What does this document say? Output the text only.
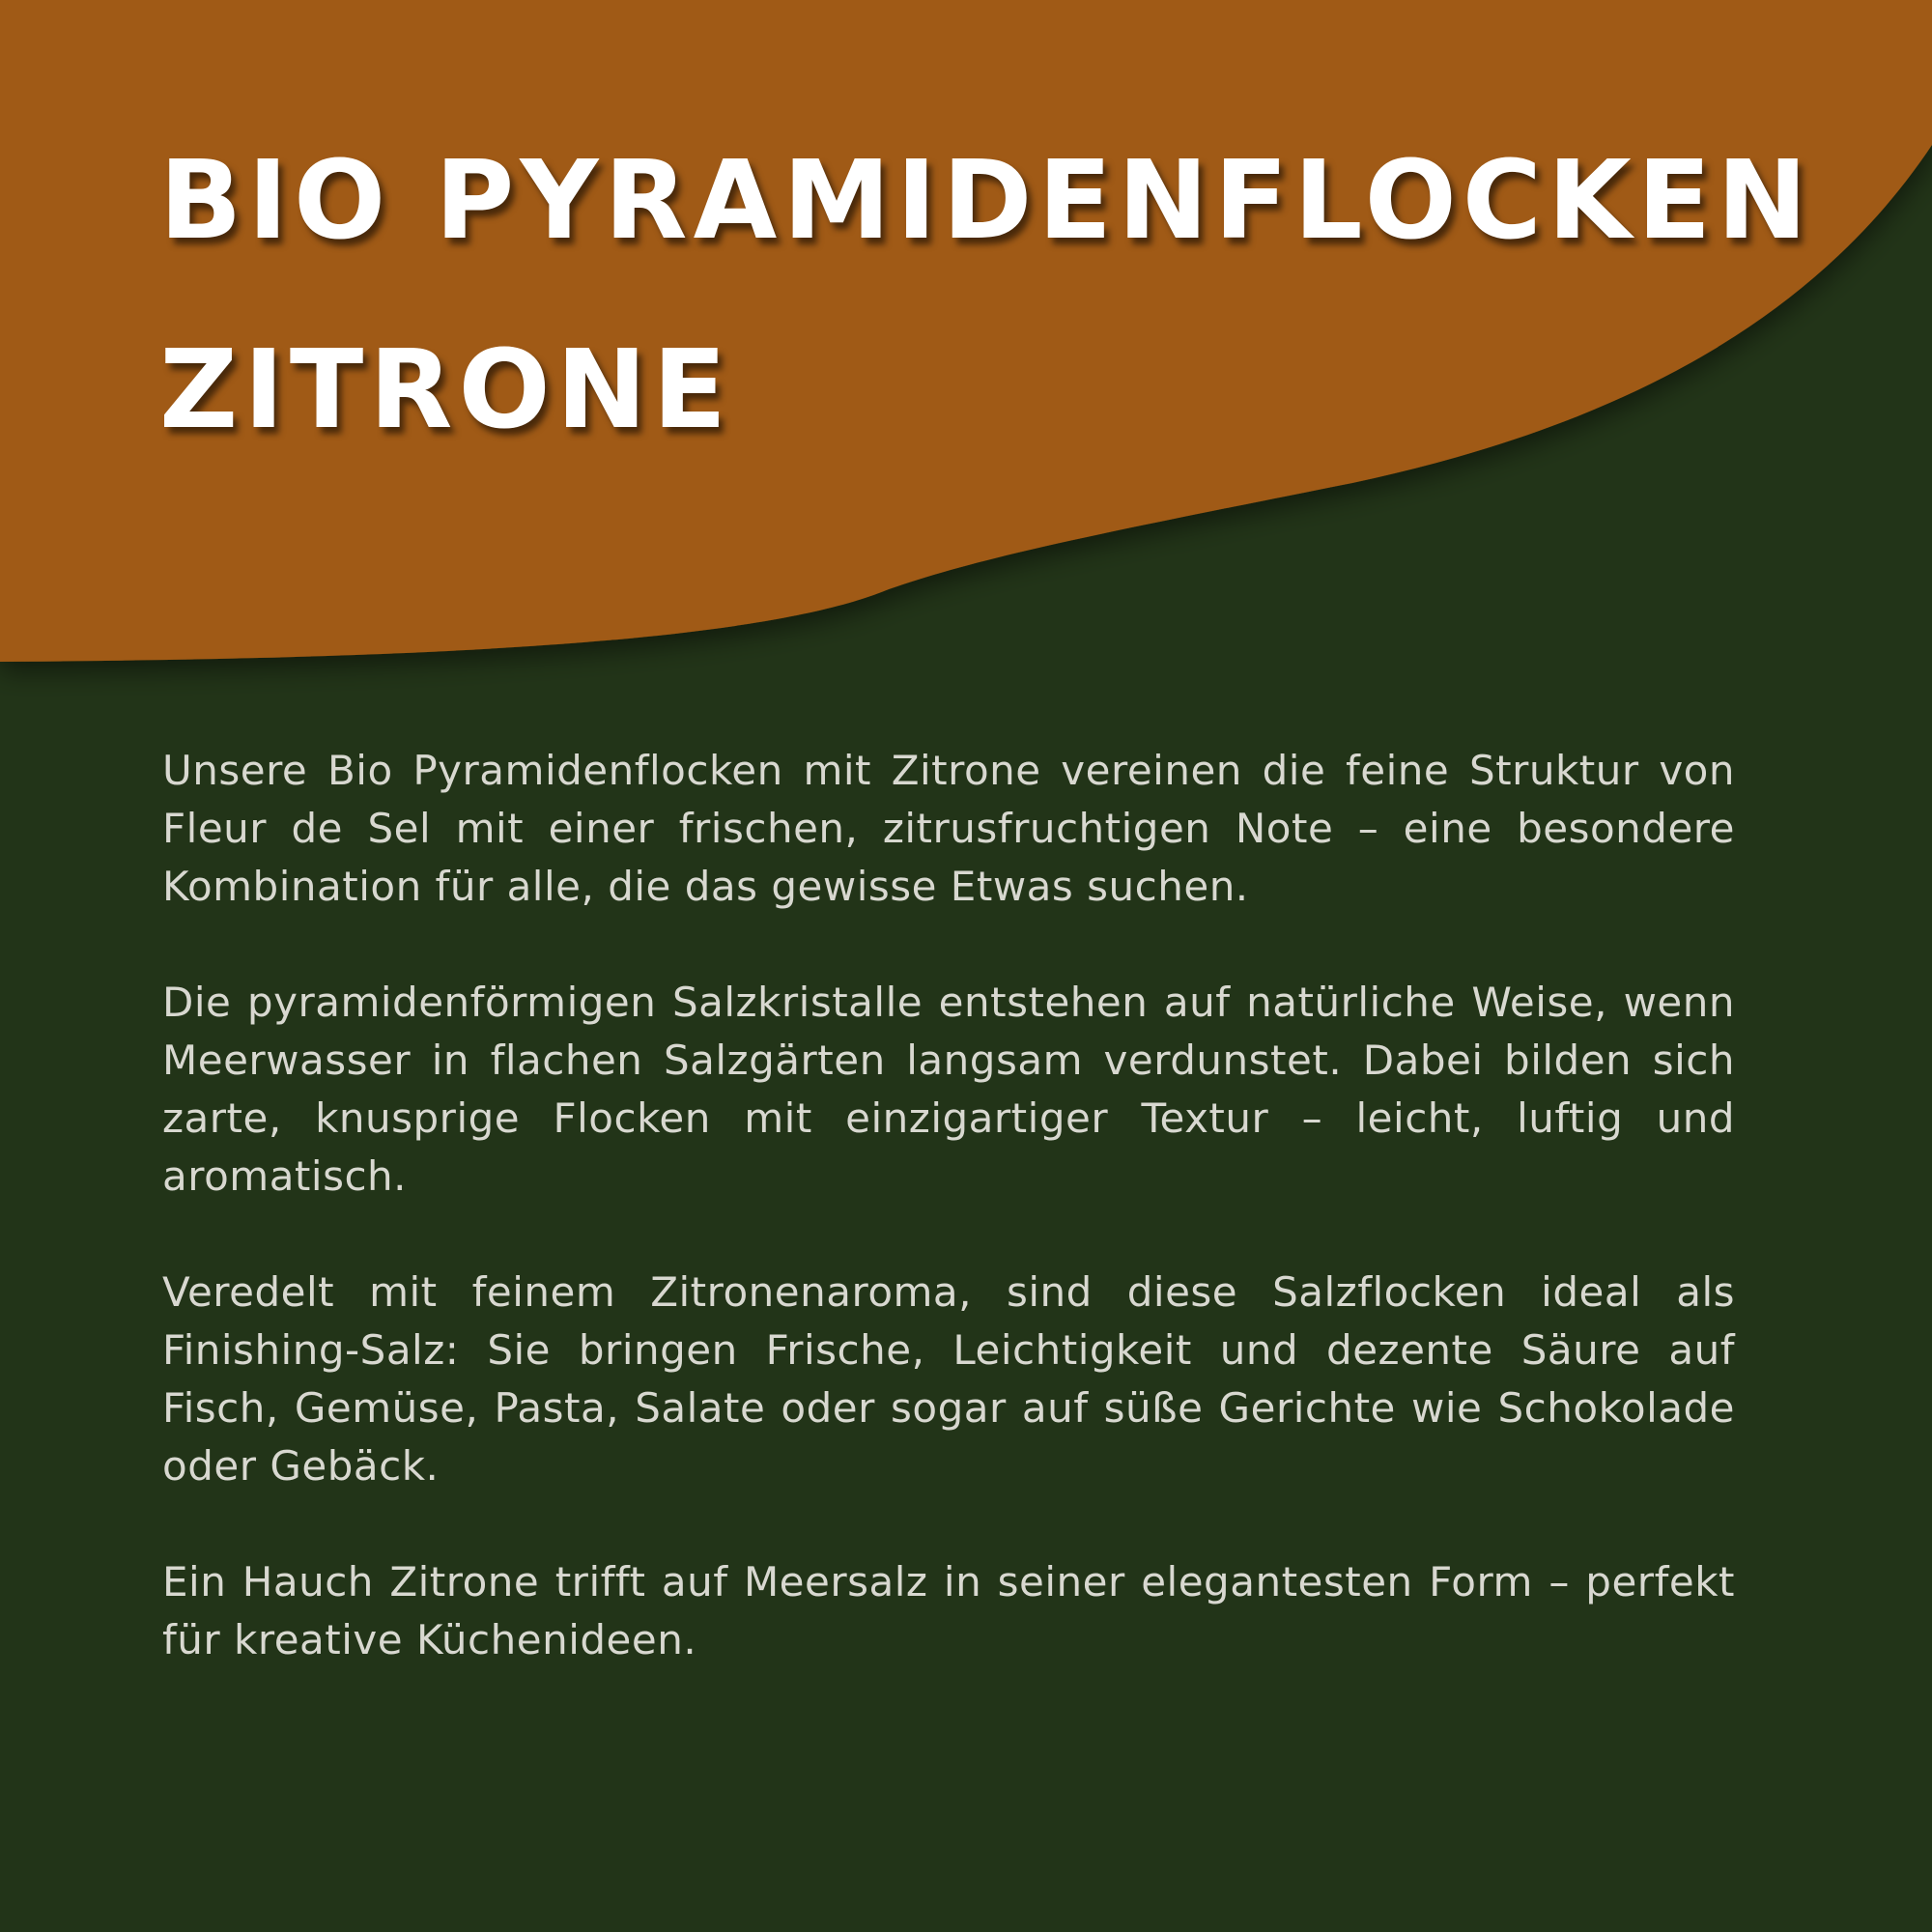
BIO PYRAMIDENFLOCKEN
ZITRONE

Unsere Bio Pyramidenflocken mit Zitrone vereinen die feine Struktur von Fleur de Sel mit einer frischen, zitrusfruchtigen Note – eine besondere Kombination für alle, die das gewisse Etwas suchen.

Die pyramidenförmigen Salzkristalle entstehen auf natürliche Weise, wenn Meerwasser in flachen Salzgärten langsam verdunstet. Dabei bilden sich zarte, knusprige Flocken mit einzigartiger Textur – leicht, luftig und aromatisch.

Veredelt mit feinem Zitronenaroma, sind diese Salzflocken ideal als Finishing-Salz: Sie bringen Frische, Leichtigkeit und dezente Säure auf Fisch, Gemüse, Pasta, Salate oder sogar auf süße Gerichte wie Schokolade oder Gebäck.

Ein Hauch Zitrone trifft auf Meersalz in seiner elegantesten Form – perfekt für kreative Küchenideen.
